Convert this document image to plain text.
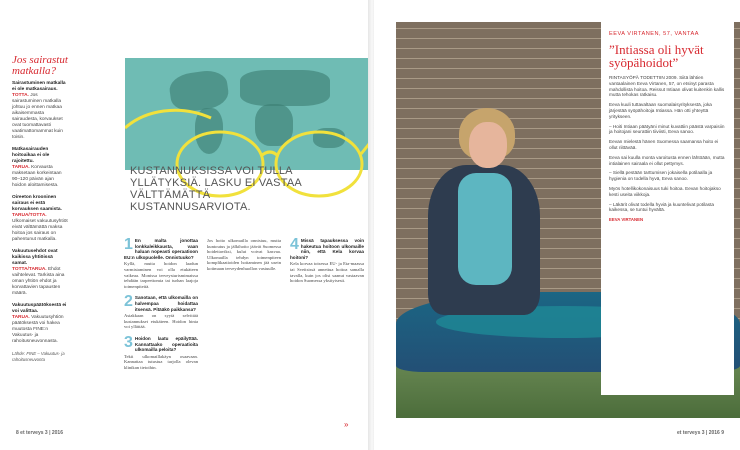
Jos sairastut
matkalla?
Sairastuminen matkalla ei ole matkasairaus.
TOTTA. Jos sairastuminen matkalla johtuu jo ennen matkaa aikaisemmasta sairaudesta, korvaukset ovat tuomattavasti vaatimattomammat kuin toisin.
Matkasairauden hoitoaikaa ei ole rajoitettu.
TARUA. Korvausta maksetaan korkeintaan 90–120 päivän ajan hoidon aloittamisesta.
Oireeton krooninen sairaus ei estä korvauksen saamista.
TARUA/TOTTA. Ulkomaiset vakuutusyhtiöt eivät välttämättä maksa hoitoa jos sairaus on pahentunut matkalla.
Vakuutusehdot ovat kaikissa yhtiöissä samat.
TOTTA/TARUA. Ehdot vaihtelevat. Tarkista aina oman yhtiön ehdot ja korvattavien tapausten määrä.
Vakuutuspäätöksestä ei voi valittaa.
TARUA. Vakuutusyhtiön päätöksestä voi hakea muutosta FINE:n Vakuutus- ja rahoitusneuvonnasta.
Lähde: FINE – Vakuutus- ja rahoitusneuvonta
KUSTANNUKSISSA VOI TULLA YLLÄTYKSIÄ. LASKU EI VASTAA VÄLTTÄMÄTTÄ KUSTANNUSARVIOTA.
1 En malta jonottaa lonkkaleikkausta, vaan haluan nopeasti operaatioon EU:n ulkopuolelle. Onnistuuko?
Kyllä, mutta hoidon laadun varmistaminen voi olla etukäteen vaikeaa. Monissa terveysturismimaissa tehdään tarpeettomia tai turhan laajoja toimenpiteitä.
2 Sanotaan, että ulkomailla on halvempaa hoidattaa itsensä. Pitääkö paikkansa?
Asiakkaan on syytä selvittää kustannukset etukäteen. Hoidon hinta voi yllättää.
3 Hoidon laatu epäilyttää. Kannattaako operaatioita ulkomailla peloita?
Tekii ulkomaillakäyn osaavaan. Kannattaa tutustua tarjolla olevan klinikan tietoihin.
Jos hoito ulkomailla onnistuu, mutta kuntoutus ja jälkihoito jäävät Suomessa hoidettaviksi, kulut voivat kasvaa. Ulkomailla tehdyn toimenpiteen komplikaatioiden hoitaminen jää usein kotimaan terveydenhuollon vastuulle.
4 Missä tapauksessa voin hakeutua hoitoon ulkomaille niin, että Kela korvaa hoitoni?
Kela korvaa toisessa EU- ja Eta-maassa tai Sveitsissä annettua hoitoa samalla tavalla, kuin jos olisi saanut vastaavan hoidon Suomessa yksityisesti.
»
8 et terveys 3 | 2016
EEVA VIRTANEN, 57, VANTAA
”Intiassa oli hyvät syöpähoidot”
RINTASYÖPÄ TODETTIIN 2009. Siitä lähtien vantaalainen Eeva Virtanen, 57, on etsinyt parasta mahdollista hoitoa. Reissut Intiaan olivat kuitenkin kallis mutta tehokas ratkaisu.
Eeva kuuli tuttavaltaan suomalaisyrityksestä, joka järjestää syöpähoitoja Intiassa. Hän otti yhteyttä yritykseen.
– Hoiti Intiaan päätyäni minut kuvattiin päästä varpaisiin ja hoitojani seurattiin tiiviisti, Eeva sanoo.
Eevan mielestä hänen Suomessa saamansa hoito ei ollut riittävää.
Eeva sai kuulla monta varoitusta ennen lähtöään, mutta intialainen sairaala ei ollut pettymys.
– Siellä pestään tarttumisen jokaisella potilaalla ja hygienia on todella hyvä, Eeva sanoo.
Myös hotellikokonaisuus tuki hoitoa. Eevan hoitojakso kesti useita viikkoja.
– Läkärit olivat todella hyviä ja kuuntelivat potilasta kaikessa, se tuntui hyvältä.
EEVA VIRTANEN
et terveys 3 | 2016 9
